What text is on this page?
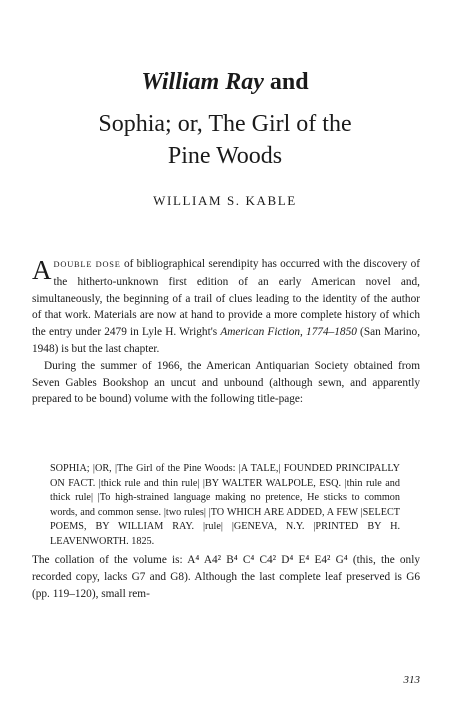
William Ray and
Sophia; or, The Girl of the
Pine Woods
WILLIAM S. KABLE

ADOUBLE DOSE of bibliographical serendipity has occurred with the discovery of the hitherto-unknown first edition of an early American novel and, simultaneously, the beginning of a trail of clues leading to the identity of the author of that work. Materials are now at hand to provide a more complete history of which the entry under 2479 in Lyle H. Wright's American Fiction, 1774–1850 (San Marino, 1948) is but the last chapter.

During the summer of 1966, the American Antiquarian Society obtained from Seven Gables Bookshop an uncut and unbound (although sewn, and apparently prepared to be bound) volume with the following title-page:

SOPHIA; |OR, |The Girl of the Pine Woods: |A TALE,| FOUNDED PRINCIPALLY ON FACT. |thick rule and thin rule| |BY WALTER WALPOLE, ESQ. |thin rule and thick rule| |To high-strained language making no pretence, He sticks to common words, and common sense. |two rules| |TO WHICH ARE ADDED, A FEW |SELECT POEMS, BY WILLIAM RAY. |rule| |GENEVA, N.Y. |PRINTED BY H. LEAVENWORTH. 1825.

The collation of the volume is: A⁴ A4² B⁴ C⁴ C4² D⁴ E⁴ E4² G⁴ (this, the only recorded copy, lacks G7 and G8). Although the last complete leaf preserved is G6 (pp. 119–120), small rem-

313
